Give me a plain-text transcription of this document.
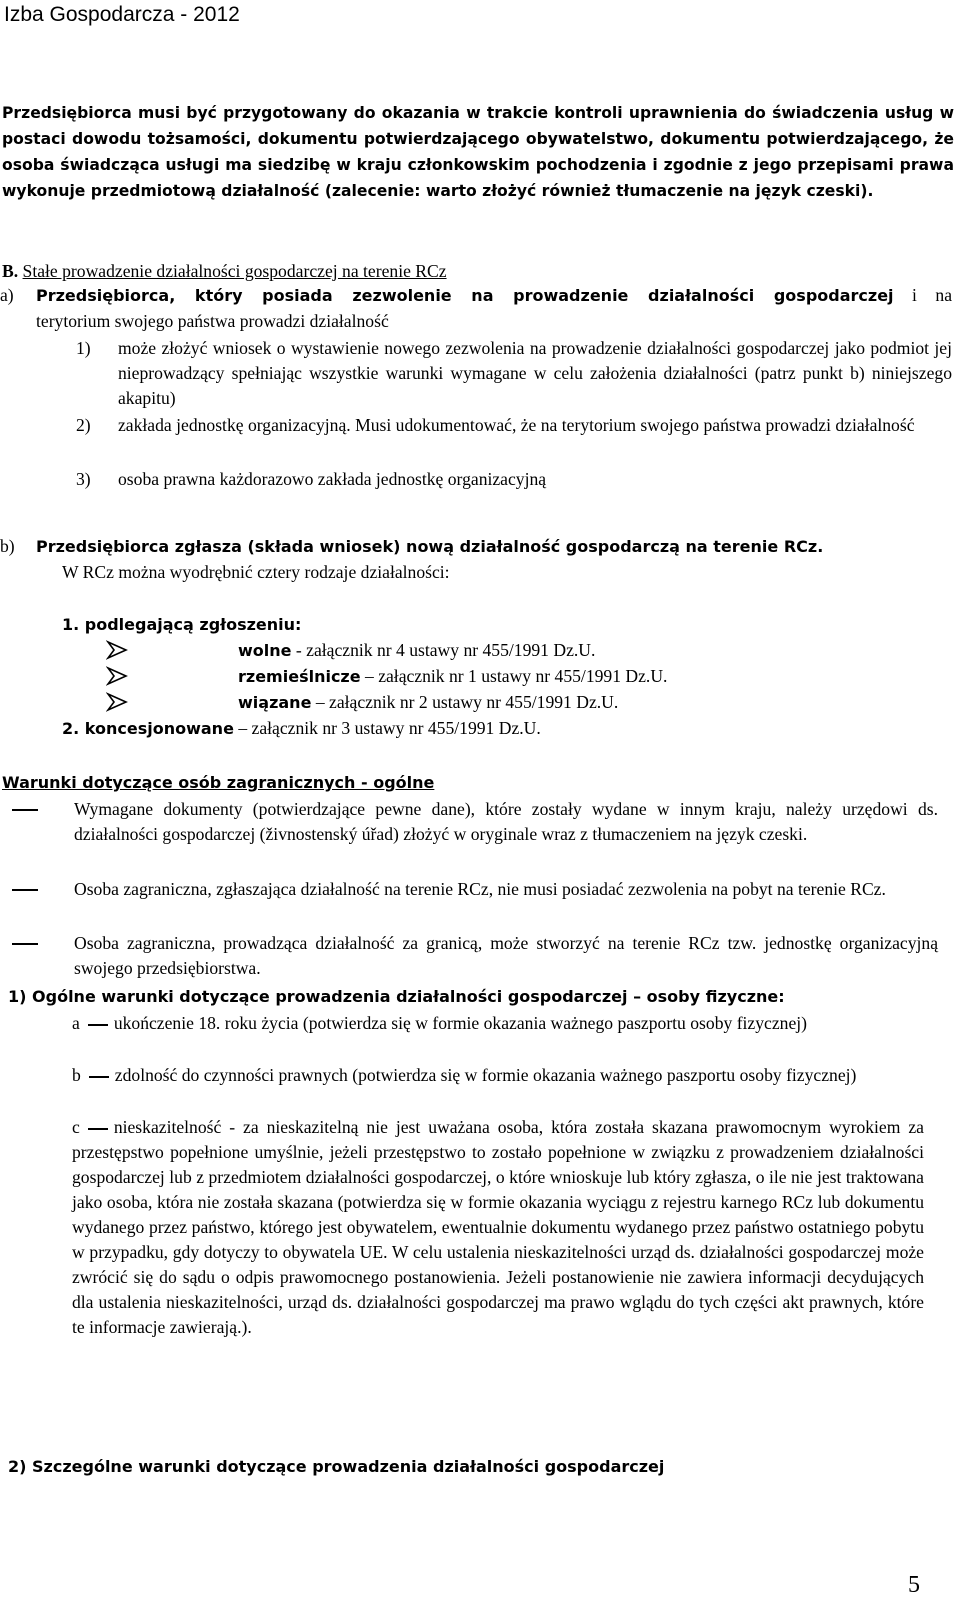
Izba Gospodarcza - 2012

Przedsiębiorca musi być przygotowany do okazania w trakcie kontroli uprawnienia do świadczenia usług w postaci dowodu tożsamości, dokumentu potwierdzającego obywatelstwo, dokumentu potwierdzającego, że osoba świadcząca usługi ma siedzibę w kraju członkowskim pochodzenia i zgodnie z jego przepisami prawa wykonuje przedmiotową działalność (zalecenie: warto złożyć również tłumaczenie na język czeski).

B. Stałe prowadzenie działalności gospodarczej na terenie RCz
a) Przedsiębiorca, który posiada zezwolenie na prowadzenie działalności gospodarczej i na
terytorium swojego państwa prowadzi działalność
1) może złożyć wniosek o wystawienie nowego zezwolenia na prowadzenie działalności gospodarczej jako podmiot jej nieprowadzący spełniając wszystkie warunki wymagane w celu założenia działalności (patrz punkt b) niniejszego akapitu)
2) zakłada jednostkę organizacyjną. Musi udokumentować, że na terytorium swojego państwa prowadzi działalność
3) osoba prawna każdorazowo zakłada jednostkę organizacyjną
b) Przedsiębiorca zgłasza (składa wniosek) nową działalność gospodarczą na terenie RCz.
W RCz można wyodrębnić cztery rodzaje działalności:
1. podlegającą zgłoszeniu:
wolne - załącznik nr 4 ustawy nr 455/1991 Dz.U.
rzemieślnicze – załącznik nr 1 ustawy nr 455/1991 Dz.U.
wiązane – załącznik nr 2 ustawy nr 455/1991 Dz.U.
2. koncesjonowane – załącznik nr 3 ustawy nr 455/1991 Dz.U.
Warunki dotyczące osób zagranicznych - ogólne
Wymagane dokumenty (potwierdzające pewne dane), które zostały wydane w innym kraju, należy urzędowi ds. działalności gospodarczej (živnostenský úřad) złożyć w oryginale wraz z tłumaczeniem na język czeski.
Osoba zagraniczna, zgłaszająca działalność na terenie RCz, nie musi posiadać zezwolenia na pobyt na terenie RCz.
Osoba zagraniczna, prowadząca działalność za granicą, może stworzyć na terenie RCz tzw. jednostkę organizacyjną swojego przedsiębiorstwa.
1) Ogólne warunki dotyczące prowadzenia działalności gospodarczej – osoby fizyczne:
a ukończenie 18. roku życia (potwierdza się w formie okazania ważnego paszportu osoby fizycznej)
b zdolność do czynności prawnych (potwierdza się w formie okazania ważnego paszportu osoby fizycznej)
c nieskazitelność - za nieskazitelną nie jest uważana osoba, która została skazana prawomocnym wyrokiem za przestępstwo popełnione umyślnie, jeżeli przestępstwo to zostało popełnione w związku z prowadzeniem działalności gospodarczej lub z przedmiotem działalności gospodarczej, o które wnioskuje lub który zgłasza, o ile nie jest traktowana jako osoba, która nie została skazana (potwierdza się w formie okazania wyciągu z rejestru karnego RCz lub dokumentu wydanego przez państwo, którego jest obywatelem, ewentualnie dokumentu wydanego przez państwo ostatniego pobytu w przypadku, gdy dotyczy to obywatela UE. W celu ustalenia nieskazitelności urząd ds. działalności gospodarczej może zwrócić się do sądu o odpis prawomocnego postanowienia. Jeżeli postanowienie nie zawiera informacji decydujących dla ustalenia nieskazitelności, urząd ds. działalności gospodarczej ma prawo wglądu do tych części akt prawnych, które te informacje zawierają.).
2) Szczególne warunki dotyczące prowadzenia działalności gospodarczej
5
